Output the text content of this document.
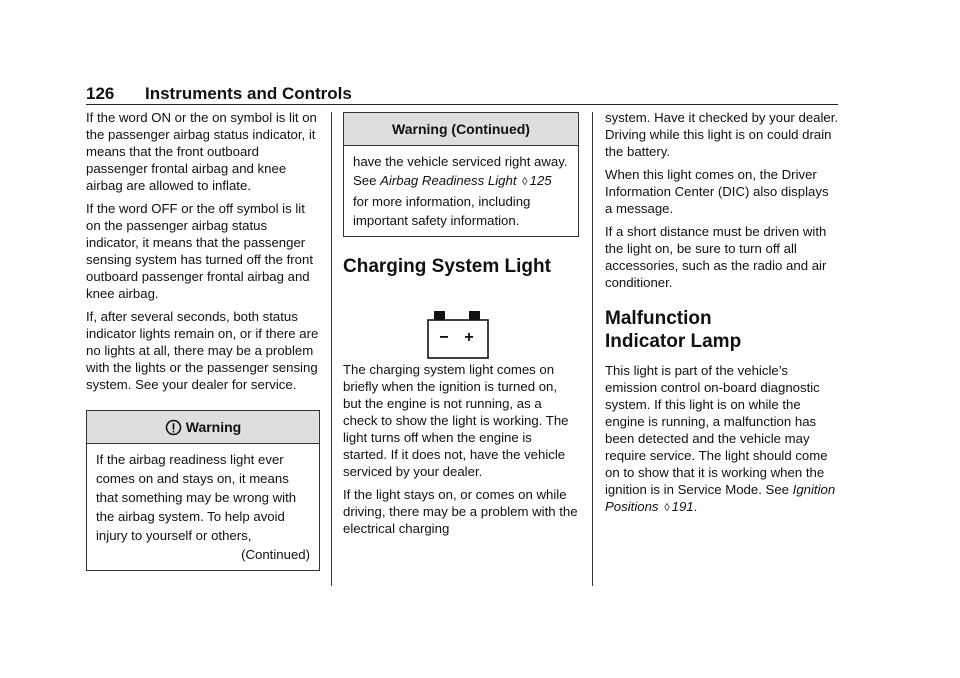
126 Instruments and Controls

If the word ON or the on symbol is lit on the passenger airbag status indicator, it means that the front outboard passenger frontal airbag and knee airbag are allowed to inflate.

If the word OFF or the off symbol is lit on the passenger airbag status indicator, it means that the passenger sensing system has turned off the front outboard passenger frontal airbag and knee airbag.

If, after several seconds, both status indicator lights remain on, or if there are no lights at all, there may be a problem with the lights or the passenger sensing system. See your dealer for service.

Warning
If the airbag readiness light ever comes on and stays on, it means that something may be wrong with the airbag system. To help avoid injury to yourself or others,
(Continued)
Warning (Continued)
have the vehicle serviced right away. See Airbag Readiness Light ◊ 125 for more information, including important safety information.
Charging System Light

The charging system light comes on briefly when the ignition is turned on, but the engine is not running, as a check to show the light is working. The light turns off when the engine is started. If it does not, have the vehicle serviced by your dealer.

If the light stays on, or comes on while driving, there may be a problem with the electrical charging

system. Have it checked by your dealer. Driving while this light is on could drain the battery.

When this light comes on, the Driver Information Center (DIC) also displays a message.

If a short distance must be driven with the light on, be sure to turn off all accessories, such as the radio and air conditioner.

Malfunction
Indicator Lamp

This light is part of the vehicle’s emission control on-board diagnostic system. If this light is on while the engine is running, a malfunction has been detected and the vehicle may require service. The light should come on to show that it is working when the ignition is in Service Mode. See Ignition Positions ◊ 191.
